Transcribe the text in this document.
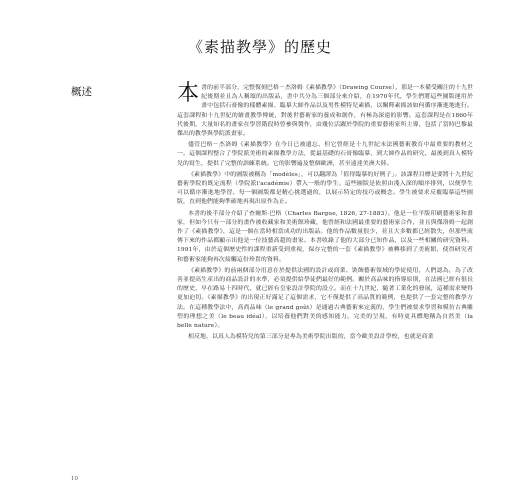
《素描教學》的歷史
概述	本書的前半部分，完整復刻巴格－杰洛姆《素描教學》（Drawing Course），那是一本備受關注的十九世紀後期並且為人稱頌的出版品，書中共分為三個部分來介紹，在1970年代，學生們將這些圖版運用於畫中包括石膏像的樣體素描、臨摹大師作品以及男性模特兒素描，以闡釋素描該如何循序漸進地進行。這套課程和十九世紀的繪畫教學傳統，對後世藝術家的養成和創作，有極為深遠的影響。這套課程是在1860年代後期，大量知名的畫家在學習階段時曾參與製作，由幾位活躍於學院的重要藝術家所主導，包括了當時巴黎最傑出的教學與學院派畫家。

儘管巴格－杰洛姆《素描教學》在今日已被遺忘，但它曾經是十九世紀末法國藝術教育中最重要的教材之一。這個課程整合了學院派美術的素描教學方法，從最基礎的石膏像臨摹，到大師作品的研究，最後到真人模特兒的寫生，提供了完整的訓練系統。它的影響遍及整個歐洲，甚至遠達美洲大陸。

《素描教學》中的圖版被稱為「modèles」，可以翻譯為「值得臨摹的好例子」。該課程目標是要將十九世紀藝術學院的既定流程（學院派l'académie）帶入一般的學生。這些圖版是依照由淺入深的順序排列，以便學生可以循序漸進地學習。每一個圖版都是精心挑選過的，以展示特定的技巧或概念。學生被要求反覆臨摹這些圖版，直到他們能夠準確地再現出原作為止。

本書的後半部分介紹了查爾斯·巴格（Charles Bargue, 1826, 27-1883）。他是一位平版印刷藝術家和畫家，但如今只有一部分的畫作被收藏家和美術館珍藏，他曾經和法國最重要的藝術家合作，並且與傑洛姆一起創作了《素描教學》，這是一個在當時相當成功的出版品。他的作品數量很少，並且大多數都已經散失，但那些流傳下來的作品都顯示出他是一位技藝高超的畫家。本書收錄了他的大部分已知作品，以及一些相關的研究資料。1991年，由於這個歷史性的課程重新受到重視，保存完整的一套《素描教學》被轉移到了美術館，使得研究者和藝術家能夠再次接觸這份珍貴的資料。

《素描教學》的前兩個部分用意在於提供法國的設計或商業、裝飾藝術領域的學徒使用，人們認為，為了改善並提高生產出的商品設計的水準，必須提供給學徒們最好的範例。關於高品味的指導原則，在法國已經有很長的歷史，早在路易十四時代，就已經有皇家設計學院的設立。而在十九世紀，隨著工業化的發展，這種需求變得更加迫切。《素描教學》的出現正好滿足了這個需求，它不僅提供了高品質的範例，也提供了一套完整的教學方法。在這種教學法中，高尚品味（le grand goût）是通過古典藝術來定義的，學生們被要求學習和模仿古典雕塑的理想之美（le beau idéal），以培養他們對美的感知能力。完美的呈現，有時更具體地稱為自然美（la belle nature）。

相反地，以真人為模特兒的第三部分是專為美術學院出版的，當今歐美設計學校，也就是商業

10
